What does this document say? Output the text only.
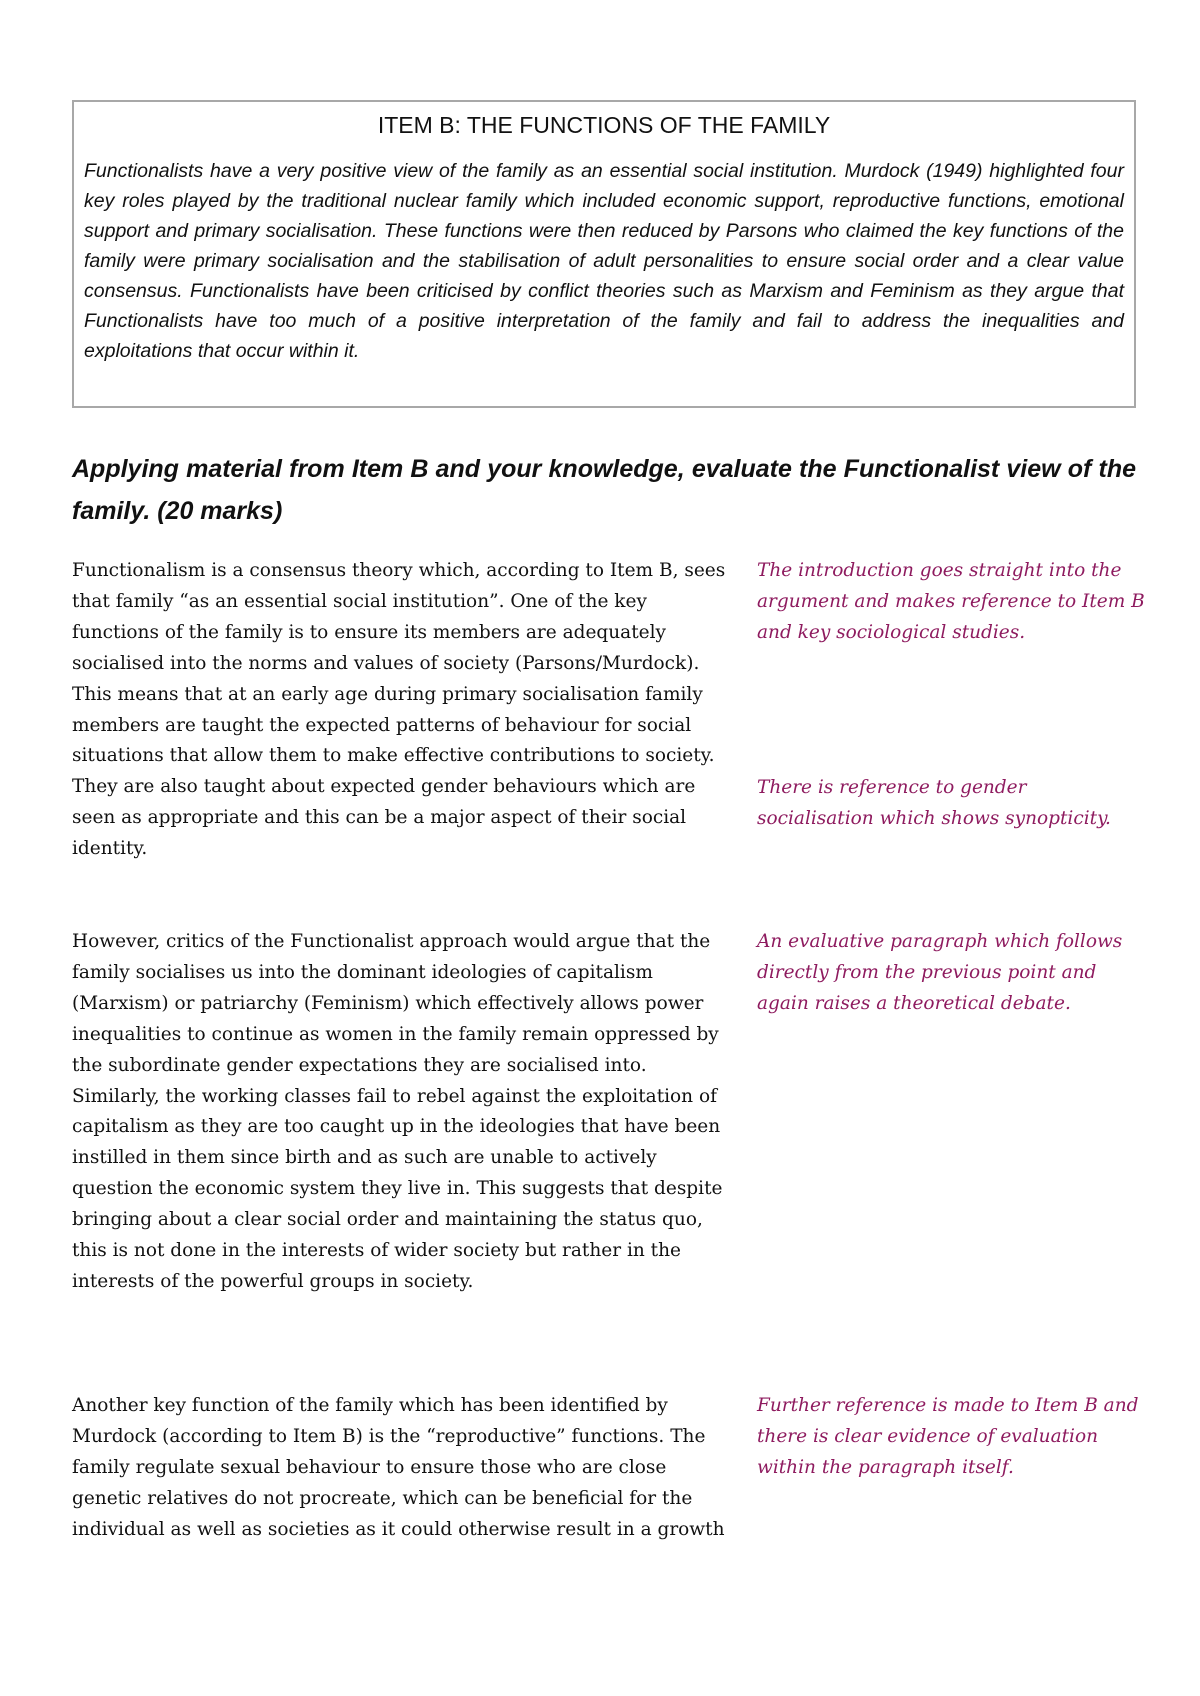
ITEM B: THE FUNCTIONS OF THE FAMILY

Functionalists have a very positive view of the family as an essential social institution. Murdock (1949) highlighted four key roles played by the traditional nuclear family which included economic support, reproductive functions, emotional support and primary socialisation. These functions were then reduced by Parsons who claimed the key functions of the family were primary socialisation and the stabilisation of adult personalities to ensure social order and a clear value consensus. Functionalists have been criticised by conflict theories such as Marxism and Feminism as they argue that Functionalists have too much of a positive interpretation of the family and fail to address the inequalities and exploitations that occur within it.

Applying material from Item B and your knowledge, evaluate the Functionalist view of the family. (20 marks)

Functionalism is a consensus theory which, according to Item B, sees that family “as an essential social institution”. One of the key functions of the family is to ensure its members are adequately socialised into the norms and values of society (Parsons/Murdock). This means that at an early age during primary socialisation family members are taught the expected patterns of behaviour for social situations that allow them to make effective contributions to society. They are also taught about expected gender behaviours which are seen as appropriate and this can be a major aspect of their social identity.

However, critics of the Functionalist approach would argue that the family socialises us into the dominant ideologies of capitalism (Marxism) or patriarchy (Feminism) which effectively allows power inequalities to continue as women in the family remain oppressed by the subordinate gender expectations they are socialised into. Similarly, the working classes fail to rebel against the exploitation of capitalism as they are too caught up in the ideologies that have been instilled in them since birth and as such are unable to actively question the economic system they live in. This suggests that despite bringing about a clear social order and maintaining the status quo, this is not done in the interests of wider society but rather in the interests of the powerful groups in society.

Another key function of the family which has been identified by Murdock (according to Item B) is the “reproductive” functions. The family regulate sexual behaviour to ensure those who are close genetic relatives do not procreate, which can be beneficial for the individual as well as societies as it could otherwise result in a growth

The introduction goes straight into the argument and makes reference to Item B and key sociological studies.

There is reference to gender socialisation which shows synopticity.

An evaluative paragraph which follows directly from the previous point and again raises a theoretical debate.

Further reference is made to Item B and there is clear evidence of evaluation within the paragraph itself.
